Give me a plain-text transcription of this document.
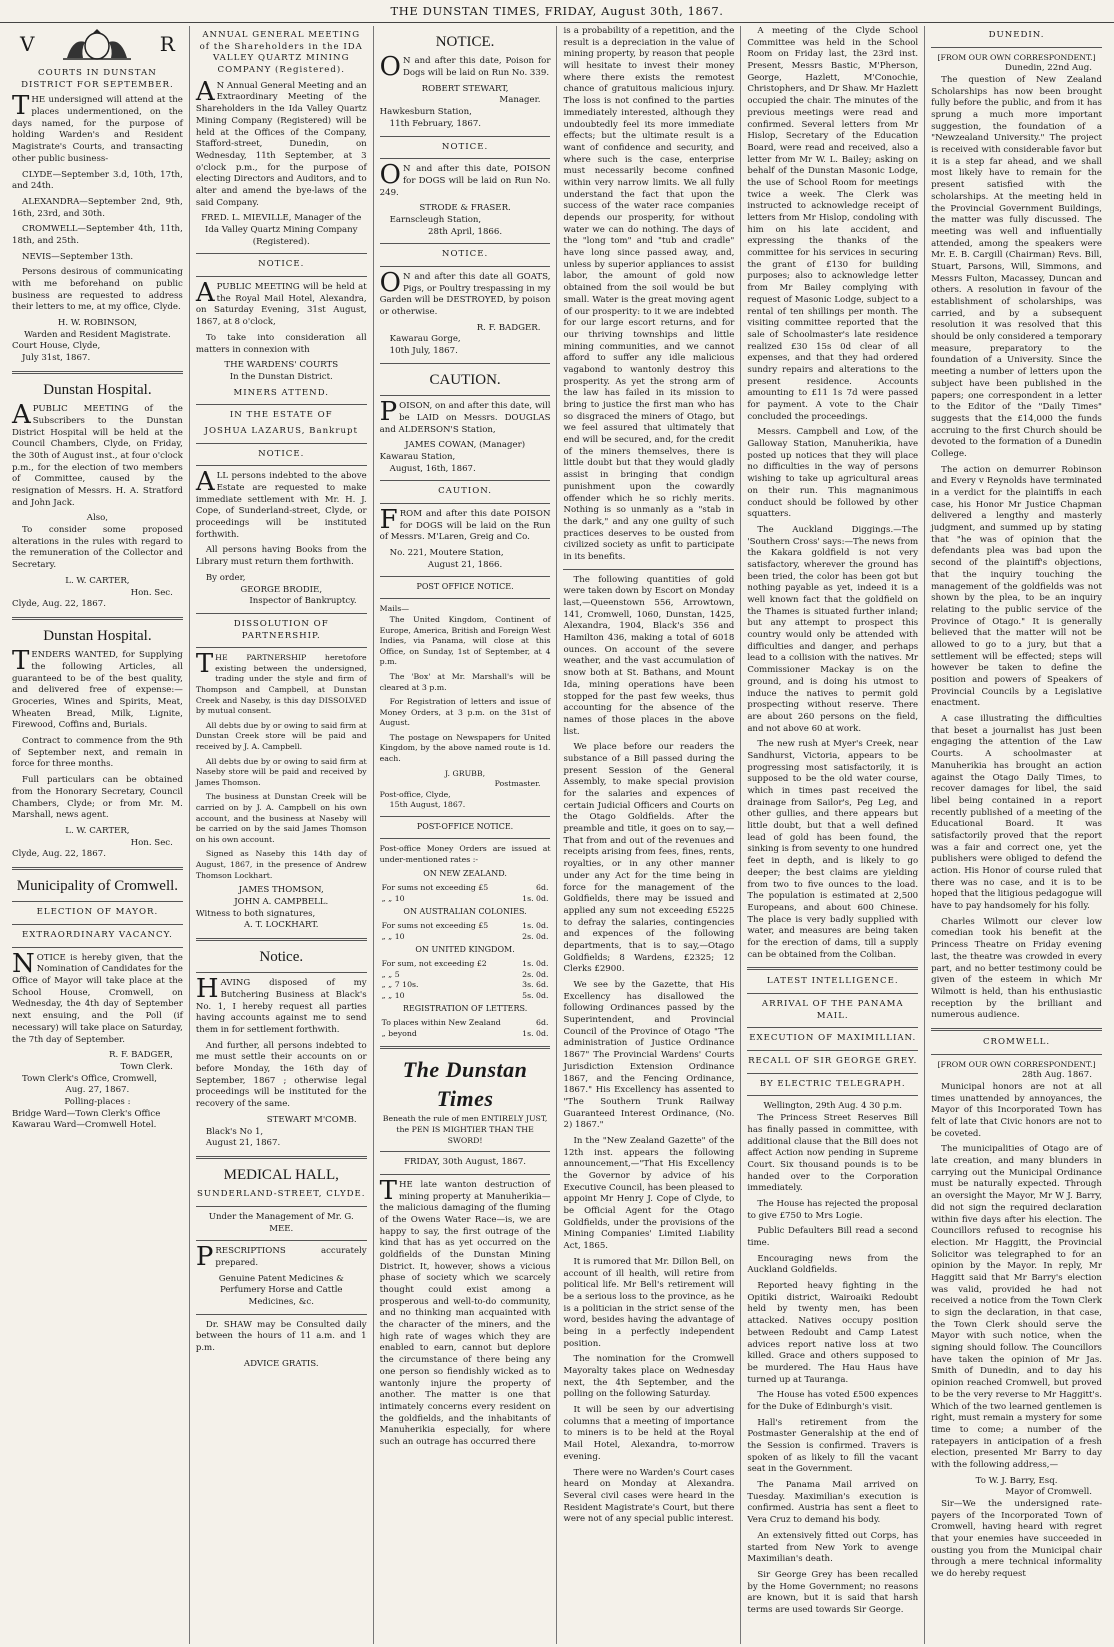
THE DUNSTAN TIMES, FRIDAY, August 30th, 1867.
V	R
COURTS IN DUNSTAN DISTRICT FOR SEPTEMBER.

THE undersigned will attend at the places undermentioned, on the days named, for the purpose of holding Warden's and Resident Magistrate's Courts, and transacting other public business-

CLYDE—September 3.d, 10th, 17th, and 24th.

ALEXANDRA—September 2nd, 9th, 16th, 23rd, and 30th.

CROMWELL—September 4th, 11th, 18th, and 25th.

NEVIS—September 13th.

Persons desirous of communicating with me beforehand on public business are requested to address their letters to me, at my office, Clyde.

H. W. ROBINSON,
Warden and Resident Magistrate.
Court House, Clyde,
July 31st, 1867.
Dunstan Hospital.

APUBLIC MEETING of the Subscribers to the Dunstan District Hospital will be held at the Council Chambers, Clyde, on Friday, the 30th of August inst., at four o'clock p.m., for the election of two members of Committee, caused by the resignation of Messrs. H. A. Stratford and John Jack.

Also,

To consider some proposed alterations in the rules with regard to the remuneration of the Collector and Secretary.

L. W. CARTER,
Hon. Sec.
Clyde, Aug. 22, 1867.
Dunstan Hospital.

TENDERS WANTED, for Supplying the following Articles, all guaranteed to be of the best quality, and delivered free of expense:—Groceries, Wines and Spirits, Meat, Wheaten Bread, Milk, Lignite, Firewood, Coffins and, Burials.

Contract to commence from the 9th of September next, and remain in force for three months.

Full particulars can be obtained from the Honorary Secretary, Council Chambers, Clyde; or from Mr. M. Marshall, news agent.

L. W. CARTER,
Hon. Sec.
Clyde, Aug. 22, 1867.
Municipality of Cromwell.
ELECTION OF MAYOR.
EXTRAORDINARY VACANCY.

NOTICE is hereby given, that the Nomination of Candidates for the Office of Mayor will take place at the School House, Cromwell, on Wednesday, the 4th day of September next ensuing, and the Poll (if necessary) will take place on Saturday, the 7th day of September.

R. F. BADGER,
Town Clerk.
Town Clerk's Office, Cromwell,
Aug. 27, 1867.
Polling-places :
Bridge Ward—Town Clerk's Office
Kawarau Ward—Cromwell Hotel.
ANNUAL GENERAL MEETING of the Shareholders in the IDA VALLEY QUARTZ MINING COMPANY (Registered).

AN Annual General Meeting and an Extraordinary Meeting of the Shareholders in the Ida Valley Quartz Mining Company (Registered) will be held at the Offices of the Company, Stafford-street, Dunedin, on Wednesday, 11th September, at 3 o'clock p.m., for the purpose of electing Directors and Auditors, and to alter and amend the bye-laws of the said Company.

FRED. L. MIEVILLE, Manager of the Ida Valley Quartz Mining Company (Registered).
NOTICE.

APUBLIC MEETING will be held at the Royal Mail Hotel, Alexandra, on Saturday Evening, 31st August, 1867, at 8 o'clock,

To take into consideration all matters in connexion with

THE WARDENS' COURTS
In the Dunstan District.
MINERS ATTEND.
IN THE ESTATE OF
JOSHUA LAZARUS, Bankrupt
NOTICE.

ALL persons indebted to the above Estate are requested to make immediate settlement with Mr. H. J. Cope, of Sunderland-street, Clyde, or proceedings will be instituted forthwith.

All persons having Books from the Library must return them forthwith.

By order,
GEORGE BRODIE,
Inspector of Bankruptcy.
DISSOLUTION OF PARTNERSHIP.

THE PARTNERSHIP heretofore existing between the undersigned, trading under the style and firm of Thompson and Campbell, at Dunstan Creek and Naseby, is this day DISSOLVED by mutual consent.

All debts due by or owing to said firm at Dunstan Creek store will be paid and received by J. A. Campbell.

All debts due by or owing to said firm at Naseby store will be paid and received by James Thomson.

The business at Dunstan Creek will be carried on by J. A. Campbell on his own account, and the business at Naseby will be carried on by the said James Thomson on his own account.

Signed as Naseby this 14th day of August, 1867, in the presence of Andrew Thomson Lockhart.

JAMES THOMSON,
JOHN A. CAMPBELL.
Witness to both signatures,
A. T. LOCKHART.
Notice.

HAVING disposed of my Butchering Business at Black's No. 1, I hereby request all parties having accounts against me to send them in for settlement forthwith.

And further, all persons indebted to me must settle their accounts on or before Monday, the 16th day of September, 1867 ; otherwise legal proceedings will be instituted for the recovery of the same.

STEWART M'COMB.
Black's No 1,
August 21, 1867.
MEDICAL HALL,
SUNDERLAND-STREET, CLYDE.
Under the Management of Mr. G. MEE.

PRESCRIPTIONS accurately prepared.

Genuine Patent Medicines & Perfumery Horse and Cattle Medicines, &c.

Dr. SHAW may be Consulted daily between the hours of 11 a.m. and 1 p.m.

ADVICE GRATIS.
NOTICE.

ON and after this date, Poison for Dogs will be laid on Run No. 339.

ROBERT STEWART,
Manager.
Hawkesburn Station,
11th February, 1867.
NOTICE.

ON and after this date, POISON for DOGS will be laid on Run No. 249.

STRODE & FRASER.
Earnscleugh Station,
28th April, 1866.
NOTICE.

ON and after this date all GOATS, Pigs, or Poultry trespassing in my Garden will be DESTROYED, by poison or otherwise.

R. F. BADGER.
Kawarau Gorge,
10th July, 1867.
CAUTION.

POISON, on and after this date, will be LAID on Messrs. DOUGLAS and ALDERSON'S Station,

JAMES COWAN, (Manager)
Kawarau Station,
August, 16th, 1867.
CAUTION.

FROM and after this date POISON for DOGS will be laid on the Run of Messrs. M'Laren, Greig and Co.

No. 221, Moutere Station,
August 21, 1866.
POST OFFICE NOTICE.
Mails—

The United Kingdom, Continent of Europe, America, British and Foreign West Indies, via Panama, will close at this Office, on Sunday, 1st of September, at 4 p.m.

The 'Box' at Mr. Marshall's will be cleared at 3 p.m.

For Registration of letters and issue of Money Orders, at 3 p.m. on the 31st of August.

The postage on Newspapers for United Kingdom, by the above named route is 1d. each.

J. GRUBB,
Postmaster.
Post-office, Clyde,
15th August, 1867.
POST-OFFICE NOTICE.

Post-office Money Orders are issued at under-mentioned rates :-

ON NEW ZEALAND.
For sums not exceeding £5	6d.
„ „ 10	1s. 0d.
ON AUSTRALIAN COLONIES.
For sums not exceeding £5	1s. 0d.
„ „ 10	2s. 0d.
ON UNITED KINGDOM.
For sum, not exceeding £2	1s. 0d.
„ „ 5	2s. 0d.
„ „ 7 10s.	3s. 6d.
„ „ 10	5s. 0d.
REGISTRATION OF LETTERS.
To places within New Zealand	6d.
„ beyond	1s. 0d.
The Dunstan Times
Beneath the rule of men ENTIRELY JUST, the PEN IS MIGHTIER THAN THE SWORD!
FRIDAY, 30th August, 1867.

THE late wanton destruction of mining property at Manuherikia—the malicious damaging of the fluming of the Owens Water Race—is, we are happy to say, the first outrage of the kind that has as yet occurred on the goldfields of the Dunstan Mining District. It, however, shows a vicious phase of society which we scarcely thought could exist among a prosperous and well-to-do community, and no thinking man acquainted with the character of the miners, and the high rate of wages which they are enabled to earn, cannot but deplore the circumstance of there being any one person so fiendishly wicked as to wantonly injure the property of another. The matter is one that intimately concerns every resident on the goldfields, and the inhabitants of Manuherikia especially, for where such an outrage has occurred there

is a probability of a repetition, and the result is a depreciation in the value of mining property, by reason that people will hesitate to invest their money where there exists the remotest chance of gratuitous malicious injury. The loss is not confined to the parties immediately interested, although they undoubtedly feel its more immediate effects; but the ultimate result is a want of confidence and security, and where such is the case, enterprise must necessarily become confined within very narrow limits. We all fully understand the fact that upon the success of the water race companies depends our prosperity, for without water we can do nothing. The days of the "long tom" and "tub and cradle" have long since passed away, and, unless by superior appliances to assist labor, the amount of gold now obtained from the soil would be but small. Water is the great moving agent of our prosperity: to it we are indebted for our large escort returns, and for our thriving townships and little mining communities, and we cannot afford to suffer any idle malicious vagabond to wantonly destroy this prosperity. As yet the strong arm of the law has failed in its mission to bring to justice the first man who has so disgraced the miners of Otago, but we feel assured that ultimately that end will be secured, and, for the credit of the miners themselves, there is little doubt but that they would gladly assist in bringing that condign punishment upon the cowardly offender which he so richly merits. Nothing is so unmanly as a "stab in the dark," and any one guilty of such practices deserves to be ousted from civilized society as unfit to participate in its benefits.

The following quantities of gold were taken down by Escort on Monday last,—Queenstown 556, Arrowtown, 141, Cromwell, 1060, Dunstan, 1425, Alexandra, 1904, Black's 356 and Hamilton 436, making a total of 6018 ounces. On account of the severe weather, and the vast accumulation of snow both at St. Bathans, and Mount Ida, mining operations have been stopped for the past few weeks, thus accounting for the absence of the names of those places in the above list.

We place before our readers the substance of a Bill passed during the present Session of the General Assembly, to make special provision for the salaries and expences of certain Judicial Officers and Courts on the Otago Goldfields. After the preamble and title, it goes on to say,—That from and out of the revenues and receipts arising from fees, fines, rents, royalties, or in any other manner under any Act for the time being in force for the management of the Goldfields, there may be issued and applied any sum not exceeding £5225 to defray the salaries, contingencies and expences of the following departments, that is to say,—Otago Goldfields; 8 Wardens, £2325; 12 Clerks £2900.

We see by the Gazette, that His Excellency has disallowed the following Ordinances passed by the Superintendent, and Provincial Council of the Province of Otago "The administration of Justice Ordinance 1867" The Provincial Wardens' Courts Jurisdiction Extension Ordinance 1867, and the Fencing Ordinance, 1867." His Excellency has assented to "The Southern Trunk Railway Guaranteed Interest Ordinance, (No. 2) 1867."

In the "New Zealand Gazette" of the 12th inst. appears the following announcement,—"That His Excellency the Governor by advice of his Executive Council, has been pleased to appoint Mr Henry J. Cope of Clyde, to be Official Agent for the Otago Goldfields, under the provisions of the Mining Companies' Limited Liability Act, 1865.

It is rumored that Mr. Dillon Bell, on account of ill health, will retire from political life. Mr Bell's retirement will be a serious loss to the province, as he is a politician in the strict sense of the word, besides having the advantage of being in a perfectly independent position.

The nomination for the Cromwell Mayoralty takes place on Wednesday next, the 4th September, and the polling on the following Saturday.

It will be seen by our advertising columns that a meeting of importance to miners is to be held at the Royal Mail Hotel, Alexandra, to-morrow evening.

There were no Warden's Court cases heard on Monday at Alexandra. Several civil cases were heard in the Resident Magistrate's Court, but there were not of any special public interest.

A meeting of the Clyde School Committee was held in the School Room on Friday last, the 23rd inst. Present, Messrs Bastic, M'Pherson, George, Hazlett, M'Conochie, Christophers, and Dr Shaw. Mr Hazlett occupied the chair. The minutes of the previous meetings were read and confirmed. Several letters from Mr Hislop, Secretary of the Education Board, were read and received, also a letter from Mr W. L. Bailey; asking on behalf of the Dunstan Masonic Lodge, the use of School Room for meetings twice a week. The Clerk was instructed to acknowledge receipt of letters from Mr Hislop, condoling with him on his late accident, and expressing the thanks of the committee for his services in securing the grant of £130 for building purposes; also to acknowledge letter from Mr Bailey complying with request of Masonic Lodge, subject to a rental of ten shillings per month. The visiting committee reported that the sale of Schoolmaster's late residence realized £30 15s 0d clear of all expenses, and that they had ordered sundry repairs and alterations to the present residence. Accounts amounting to £11 1s 7d were passed for payment. A vote to the Chair concluded the proceedings.

Messrs. Campbell and Low, of the Galloway Station, Manuherikia, have posted up notices that they will place no difficulties in the way of persons wishing to take up agricultural areas on their run. This magnanimous conduct should be followed by other squatters.

The Auckland Diggings.—The 'Southern Cross' says:—The news from the Kakara goldfield is not very satisfactory, wherever the ground has been tried, the color has been got but nothing payable as yet, indeed it is a well known fact that the goldfield on the Thames is situated further inland; but any attempt to prospect this country would only be attended with difficulties and danger, and perhaps lead to a collision with the natives. Mr Commissioner Mackay is on the ground, and is doing his utmost to induce the natives to permit gold prospecting without reserve. There are about 260 persons on the field, and not above 60 at work.

The new rush at Myer's Creek, near Sandhurst, Victoria, appears to be progressing most satisfactorily, it is supposed to be the old water course, which in times past received the drainage from Sailor's, Peg Leg, and other gullies, and there appears but little doubt, but that a well defined lead of gold has been found, the sinking is from seventy to one hundred feet in depth, and is likely to go deeper; the best claims are yielding from two to five ounces to the load. The population is estimated at 2,500 Europeans, and about 600 Chinese. The place is very badly supplied with water, and measures are being taken for the erection of dams, till a supply can be obtained from the Coliban.

LATEST INTELLIGENCE.
ARRIVAL OF THE PANAMA MAIL.
EXECUTION OF MAXIMILLIAN.
RECALL OF SIR GEORGE GREY.
BY ELECTRIC TELEGRAPH.
Wellington, 29th Aug. 4 30 p.m.

The Princess Street Reserves Bill has finally passed in committee, with additional clause that the Bill does not affect Action now pending in Supreme Court. Six thousand pounds is to be handed over to the Corporation immediately.

The House has rejected the proposal to give £750 to Mrs Logie.

Public Defaulters Bill read a second time.

Encouraging news from the Auckland Goldfields.

Reported heavy fighting in the Opitiki district, Wairoaiki Redoubt held by twenty men, has been attacked. Natives occupy position between Redoubt and Camp Latest advices report native loss at two killed. Grace and others supposed to be murdered. The Hau Haus have turned up at Tauranga.

The House has voted £500 expences for the Duke of Edinburgh's visit.

Hall's retirement from the Postmaster Generalship at the end of the Session is confirmed. Travers is spoken of as likely to fill the vacant seat in the Government.

The Panama Mail arrived on Tuesday. Maximilian's execution is confirmed. Austria has sent a fleet to Vera Cruz to demand his body.

An extensively fitted out Corps, has started from New York to avenge Maximilian's death.

Sir George Grey has been recalled by the Home Government; no reasons are known, but it is said that harsh terms are used towards Sir George.

DUNEDIN.
[FROM OUR OWN CORRESPONDENT.]
Dunedin, 22nd Aug.

The question of New Zealand Scholarships has now been brought fully before the public, and from it has sprung a much more important suggestion, the foundation of a "Newzealand University." The project is received with considerable favor but it is a step far ahead, and we shall most likely have to remain for the present satisfied with the scholarships. At the meeting held in the Provincial Government Buildings, the matter was fully discussed. The meeting was well and influentially attended, among the speakers were Mr. E. B. Cargill (Chairman) Revs. Bill, Stuart, Parsons, Will, Simmons, and Messrs Fulton, Macassey, Duncan and others. A resolution in favour of the establishment of scholarships, was carried, and by a subsequent resolution it was resolved that this should be only considered a temporary measure, preparatory to the foundation of a University. Since the meeting a number of letters upon the subject have been published in the papers; one correspondent in a letter to the Editor of the "Daily Times" suggests that the £14,000 the funds accruing to the first Church should be devoted to the formation of a Dunedin College.

The action on demurrer Robinson and Every v Reynolds have terminated in a verdict for the plaintiffs in each case, his Honor Mr Justice Chapman delivered a lengthy and masterly judgment, and summed up by stating that "he was of opinion that the defendants plea was bad upon the second of the plaintiff's objections, that the inquiry touching the management of the goldfields was not shown by the plea, to be an inquiry relating to the public service of the Province of Otago." It is generally believed that the matter will not be allowed to go to a jury, but that a settlement will be effected; steps will however be taken to define the position and powers of Speakers of Provincial Councils by a Legislative enactment.

A case illustrating the difficulties that beset a journalist has just been engaging the attention of the Law Courts. A schoolmaster at Manuherikia has brought an action against the Otago Daily Times, to recover damages for libel, the said libel being contained in a report recently published of a meeting of the Educational Board. It was satisfactorily proved that the report was a fair and correct one, yet the publishers were obliged to defend the action. His Honor of course ruled that there was no case, and it is to be hoped that the litigious pedagogue will have to pay handsomely for his folly.

Charles Wilmott our clever low comedian took his benefit at the Princess Theatre on Friday evening last, the theatre was crowded in every part, and no better testimony could be given of the esteem in which Mr Wilmott is held, than his enthusiastic reception by the brilliant and numerous audience.

CROMWELL.
[FROM OUR OWN CORRESPONDENT.]
28th Aug. 1867.

Municipal honors are not at all times unattended by annoyances, the Mayor of this Incorporated Town has felt of late that Civic honors are not to be coveted.

The municipalities of Otago are of late creation, and many blunders in carrying out the Municipal Ordinance must be naturally expected. Through an oversight the Mayor, Mr W J. Barry, did not sign the required declaration within five days after his election. The Councillors refused to recognise his election. Mr Haggitt, the Provincial Solicitor was telegraphed to for an opinion by the Mayor. In reply, Mr Haggitt said that Mr Barry's election was valid, provided he had not received a notice from the Town Clerk to sign the declaration, in that case, the Town Clerk should serve the Mayor with such notice, when the signing should follow. The Councillors have taken the opinion of Mr Jas. Smith of Dunedin, and to day his opinion reached Cromwell, but proved to be the very reverse to Mr Haggitt's. Which of the two learned gentlemen is right, must remain a mystery for some time to come; a number of the ratepayers in anticipation of a fresh election, presented Mr Barry to day with the following address,—

To W. J. Barry, Esq.
Mayor of Cromwell.

Sir—We the undersigned rate-payers of the Incorporated Town of Cromwell, having heard with regret that your enemies have succeeded in ousting you from the Municipal chair through a mere technical informality we do hereby request
